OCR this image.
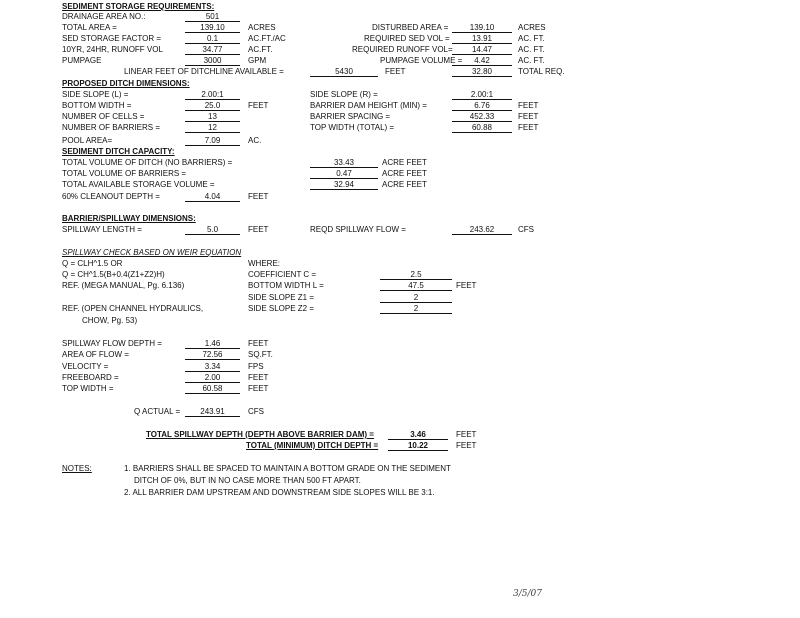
SEDIMENT STORAGE REQUIREMENTS:
DRAINAGE AREA NO.:	501
TOTAL AREA =	139.10	ACRES	DISTURBED AREA =	139.10	ACRES
SED STORAGE FACTOR =	0.1	AC.FT./AC	REQUIRED SED VOL =	13.91	AC. FT.
10YR, 24HR, RUNOFF VOL	34.77	AC.FT.	REQUIRED RUNOFF VOL=	14.47	AC. FT.
PUMPAGE	3000	GPM	PUMPAGE VOLUME =	4.42	AC. FT.
LINEAR FEET OF DITCHLINE AVAILABLE =	5430	FEET	32.80	TOTAL REQ.
PROPOSED DITCH DIMENSIONS:
SIDE SLOPE (L) =	2.00:1	SIDE SLOPE (R) =	2.00:1
BOTTOM WIDTH =	25.0	FEET	BARRIER DAM HEIGHT (MIN) =	6.76	FEET
NUMBER OF CELLS =	13	BARRIER SPACING =	452.33	FEET
NUMBER OF BARRIERS =	12	TOP WIDTH (TOTAL) =	60.88	FEET
POOL AREA=	7.09	AC.
SEDIMENT DITCH CAPACITY:
TOTAL VOLUME OF DITCH (NO BARRIERS) =	33.43	ACRE FEET
TOTAL VOLUME OF BARRIERS =	0.47	ACRE FEET
TOTAL AVAILABLE STORAGE VOLUME =	32.94	ACRE FEET
60% CLEANOUT DEPTH =	4.04	FEET
BARRIER/SPILLWAY DIMENSIONS:
SPILLWAY LENGTH =	5.0	FEET	REQD SPILLWAY FLOW =	243.62	CFS
SPILLWAY CHECK BASED ON WEIR EQUATION
Q = CLH^1.5 OR	WHERE:
Q = CH^1.5(B+0.4(Z1+Z2)H)	COEFFICIENT C =	2.5
REF. (MEGA MANUAL, Pg. 6.136)	BOTTOM WIDTH L =	47.5	FEET
SIDE SLOPE Z1 =	2
REF. (OPEN CHANNEL HYDRAULICS,	SIDE SLOPE Z2 =	2
CHOW, Pg. 53)
SPILLWAY FLOW DEPTH =	1.46	FEET
AREA OF FLOW =	72.56	SQ.FT.
VELOCITY =	3.34	FPS
FREEBOARD =	2.00	FEET
TOP WIDTH =	60.58	FEET
Q ACTUAL =	243.91	CFS
TOTAL SPILLWAY DEPTH (DEPTH ABOVE BARRIER DAM) =	3.46	FEET
TOTAL (MINIMUM) DITCH DEPTH =	10.22	FEET
NOTES:	1. BARRIERS SHALL BE SPACED TO MAINTAIN A BOTTOM GRADE ON THE SEDIMENT
DITCH OF 0%, BUT IN NO CASE MORE THAN 500 FT APART.
2. ALL BARRIER DAM UPSTREAM AND DOWNSTREAM SIDE SLOPES WILL BE 3:1.
3/5/07
